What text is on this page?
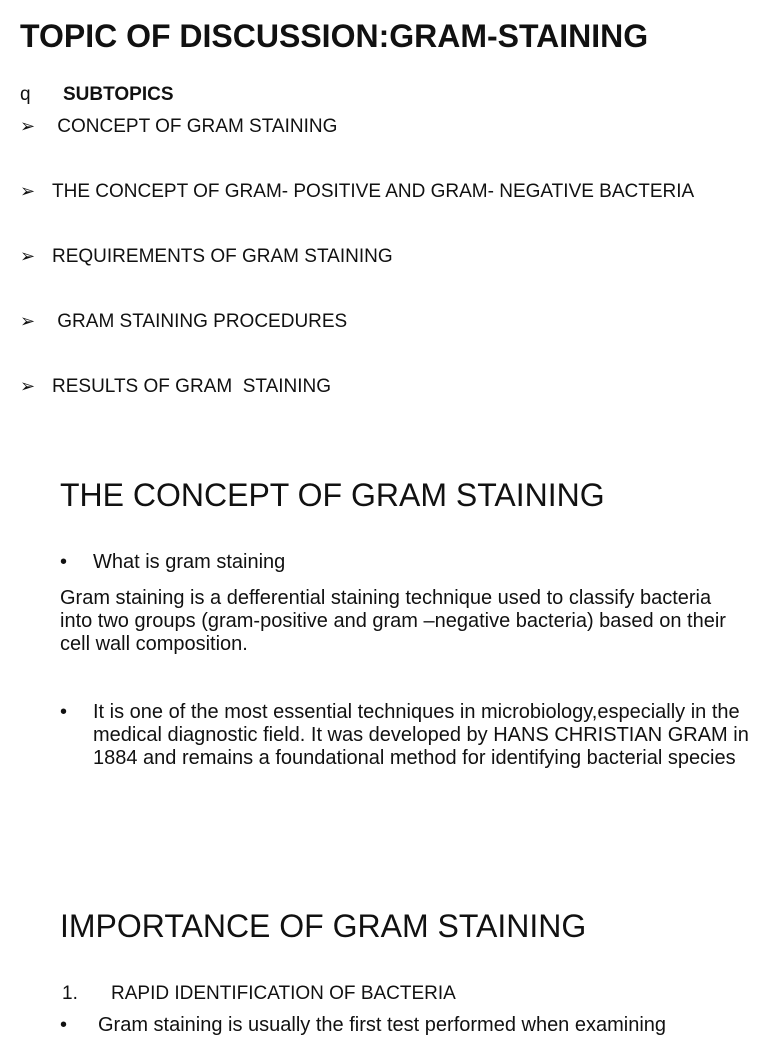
TOPIC OF DISCUSSION:GRAM-STAINING
q SUBTOPICS
➢ CONCEPT OF GRAM STAINING
➢ THE CONCEPT OF GRAM- POSITIVE AND GRAM- NEGATIVE BACTERIA
➢ REQUIREMENTS OF GRAM STAINING
➢ GRAM STAINING PROCEDURES
➢ RESULTS OF GRAM  STAINING
THE CONCEPT OF GRAM STAINING
• What is gram staining
Gram staining is a defferential staining technique used to classify bacteria into two groups (gram-positive and gram –negative bacteria) based on their cell wall composition.
• It is one of the most essential techniques in microbiology,especially in the medical diagnostic field. It was developed by HANS CHRISTIAN GRAM in 1884 and remains a foundational method for identifying bacterial species
IMPORTANCE OF GRAM STAINING
1. RAPID IDENTIFICATION OF BACTERIA
• Gram staining is usually the first test performed when examining
